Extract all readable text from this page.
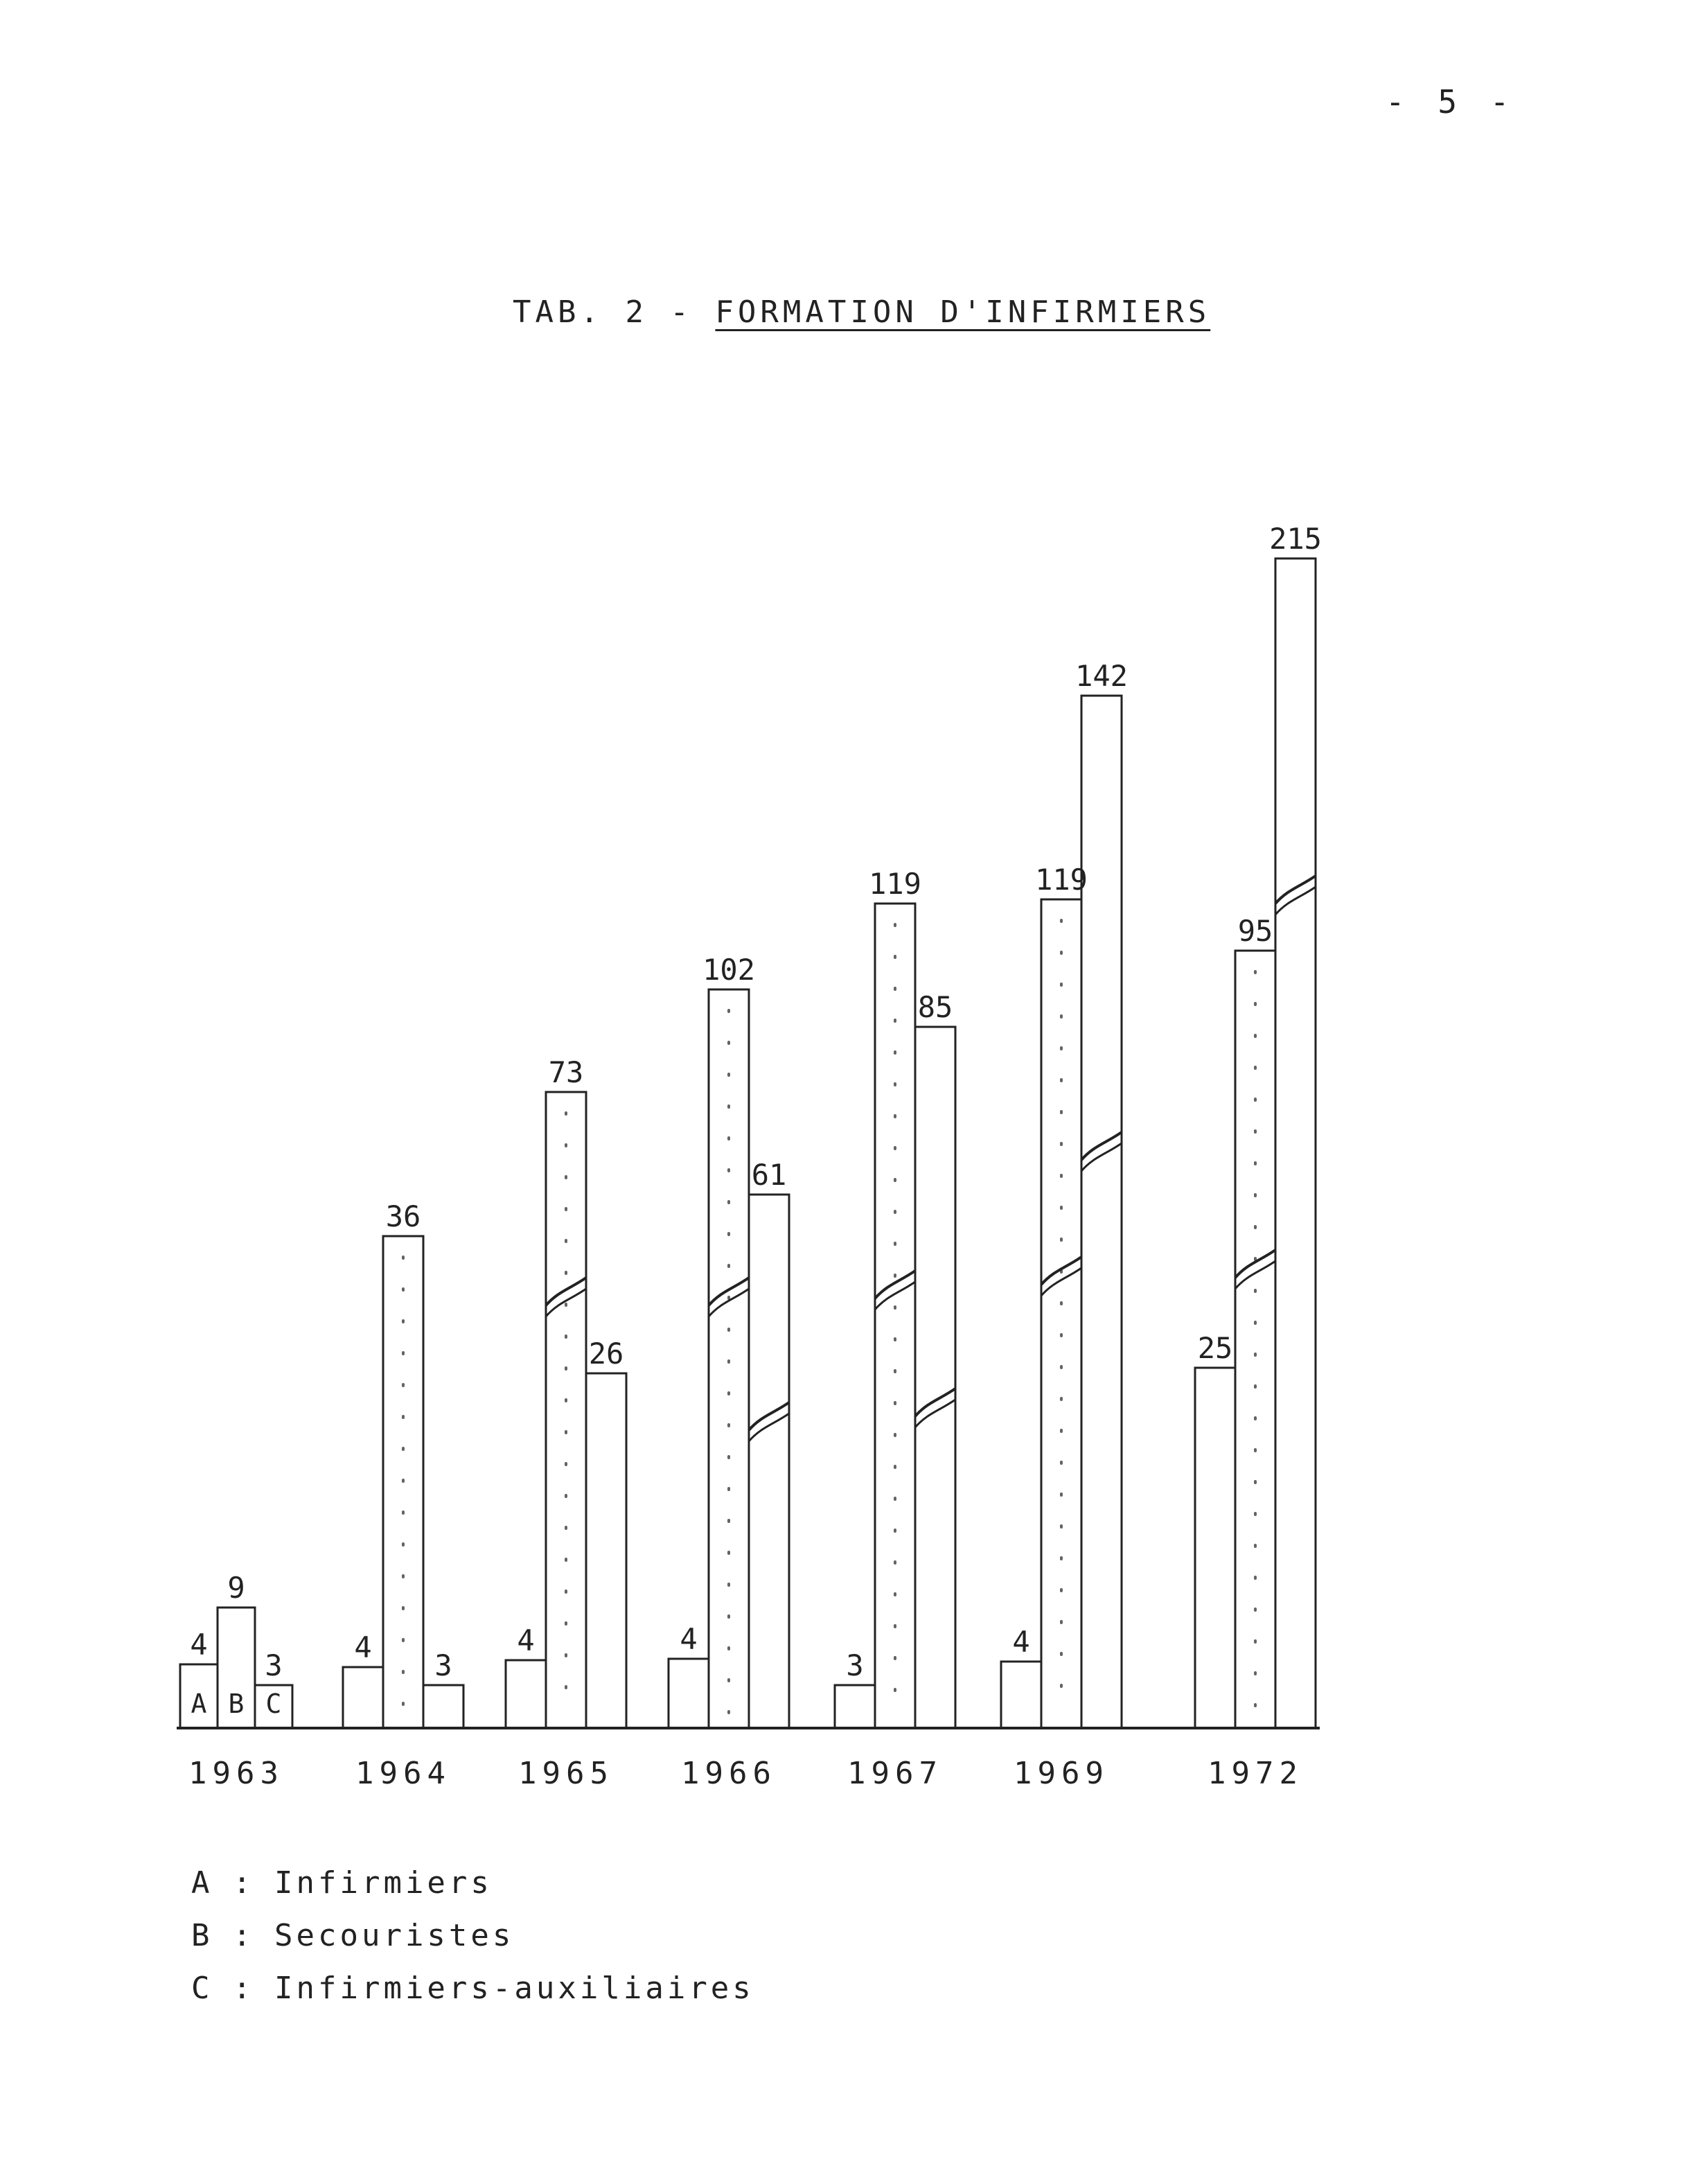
- 5 -
TAB. 2 - FORMATION D'INFIRMIERS
4
9
3
A B C
4
36
3
4
73
26
4
102
61
3
119
85
4
119
142
25
95
215
1963 1964 1965 1966 1967 1969	1972
A : Infirmiers
B : Secouristes
C : Infirmiers-auxiliaires
